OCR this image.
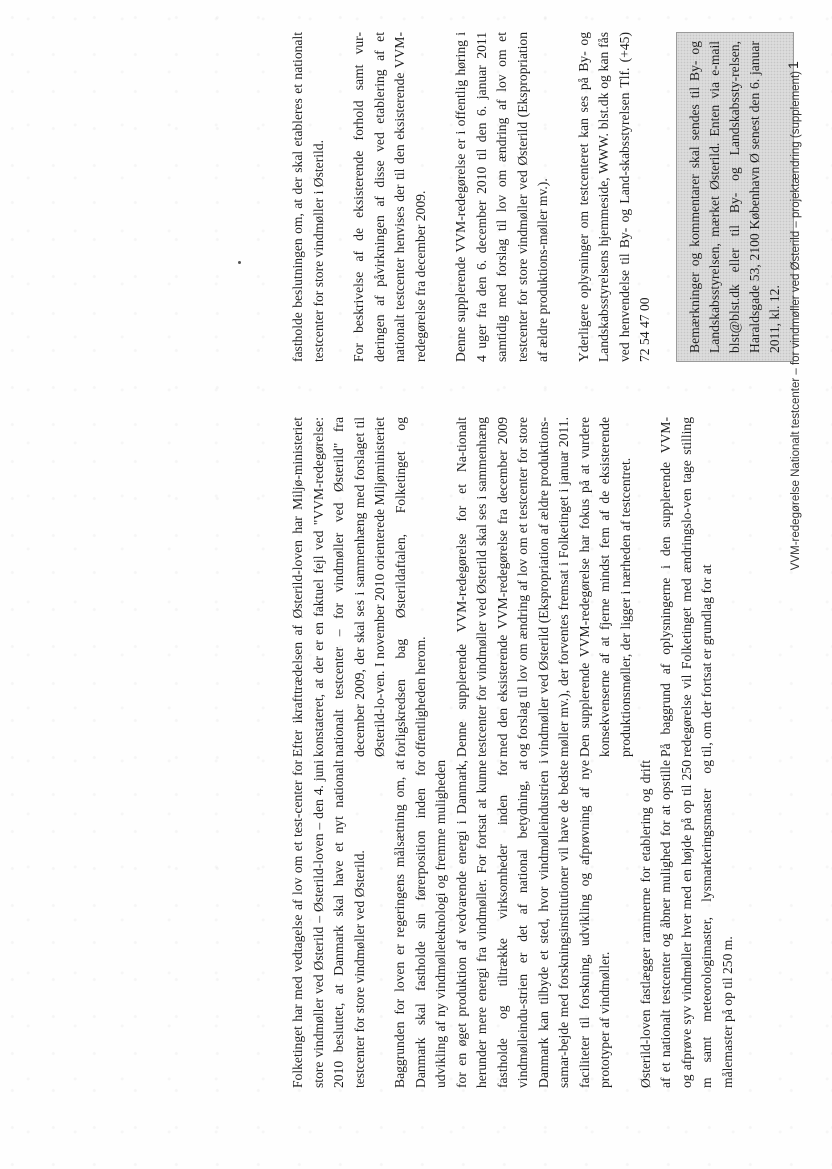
Folketinget har med vedtagelse af lov om et test-center for store vindmøller ved Østerild – Østerild-loven – den 4. juni 2010 besluttet, at Danmark skal have et nyt nationalt testcenter for store vindmøller ved Østerild. Baggrunden for loven er regeringens målsætning om, at Danmark skal fastholde sin førerposition inden for udvikling af ny vindmølleteknologi og fremme muligheden for en øget produktion af vedvarende energi i Danmark, herunder mere energi fra vindmøller. For fortsat at kunne fastholde og tiltrække virksomheder inden for vindmølleindu-strien er det af national betydning, at Danmark kan tilbyde et sted, hvor vindmølleindustrien i samar-bejde med forskningsinstitutioner vil have de bedste faciliteter til forskning, udvikling og afprøvning af nye prototyper af vindmøller. Østerild-loven fastlægger rammerne for etablering og drift af et nationalt testcenter og åbner mulighed for at opstille og afprøve syv vindmøller hver med en højde på op til 250 m samt meteorologimaster, lysmarkeringsmaster og målemaster på op til 250 m.

Efter ikrafttrædelsen af Østerild-loven har Miljø-ministeriet konstateret, at der er en faktuel fejl ved "VVM-redegørelse: nationalt testcenter – for vindmøller ved Østerild" fra december 2009, der skal ses i sammenhæng med forslaget til Østerild-lo-ven. I november 2010 orienterede Miljøministeriet forligskredsen bag Østerildaftalen, Folketinget og offentligheden herom. Denne supplerende VVM-redegørelse for et Na-tionalt testcenter for vindmøller ved Østerild skal ses i sammenhæng med den eksisterende VVM-redegørelse fra december 2009 og forslag til lov om ændring af lov om et testcenter for store vindmøller ved Østerild (Ekspropriation af ældre produktions-møller mv.), der forventes fremsat i Folketinget i januar 2011. Den supplerende VVM-redegørelse har fokus på at vurdere konsekvenserne af at fjerne mindst fem af de eksisterende produktionsmøller, der ligger i nærheden af testcentret. På baggrund af oplysningerne i den supplerende VVM-redegørelse vil Folketinget med ændringslo-ven tage stilling til, om der fortsat er grundlag for at

fastholde beslutningen om, at der skal etableres et nationalt testcenter for store vindmøller i Østerild. For beskrivelse af de eksisterende forhold samt vur-deringen af påvirkningen af disse ved etablering af et nationalt testcenter henvises der til den eksisterende VVM-redegørelse fra december 2009. Denne supplerende VVM-redegørelse er i offentlig høring i 4 uger fra den 6. december 2010 til den 6. januar 2011 samtidig med forslag til lov om ændring af lov om et testcenter for store vindmøller ved Østerild (Ekspropriation af ældre produktions-møller mv.). Yderligere oplysninger om testcenteret kan ses på By- og Landskabsstyrelsens hjemmeside, WWW. blst.dk og kan fås ved henvendelse til By- og Land-skabsstyrelsen Tlf. (+45) 72 54 47 00	Bemærkninger og kommentarer skal sendes til By- og Landskabsstyrelsen, mærket Østerild. Enten via e-mail blst@blst.dk eller til By- og Landskabssty-relsen, Haraldsgade 53, 2100 København Ø senest den 6. januar 2011, kl. 12. VVM-redegørelse Nationalt testcenter – for vindmøller ved Østerild – projektændring (supplement)
1
